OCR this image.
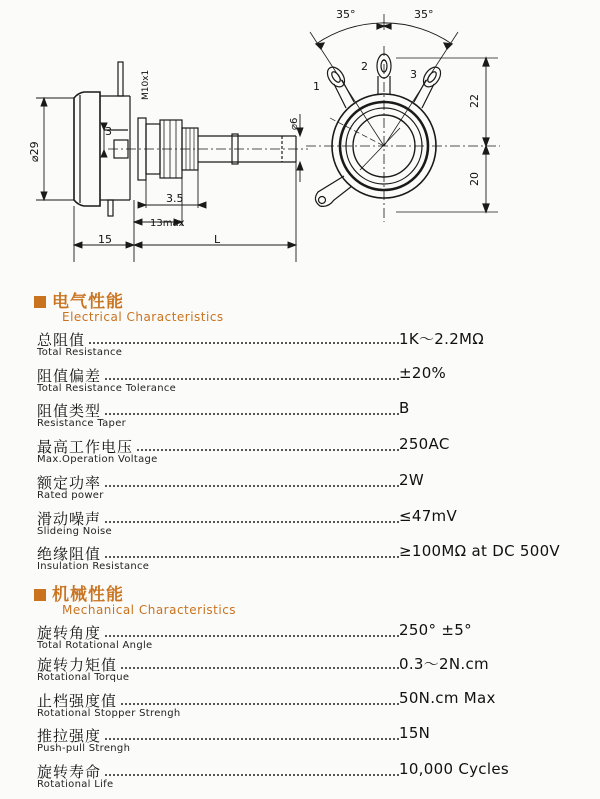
35°	35°
1
2
3
22
20
⌀29
⌀6
M10x1
3
3.5
13max
15	L
电气性能
Electrical Characteristics
总阻值
Total Resistance
1K～2.2MΩ
阻值偏差
Total Resistance Tolerance
±20%
阻值类型
Resistance Taper
B
最高工作电压
Max.Operation Voltage
250AC
额定功率
Rated power
2W
滑动噪声
Slideing Noise
≤47mV
绝缘阻值
Insulation Resistance
≥100MΩ at DC 500V
机械性能
Mechanical Characteristics
旋转角度
Total Rotational Angle
250° ±5°
旋转力矩值
Rotational Torque
0.3～2N.cm
止档强度值
Rotational Stopper Strengh
50N.cm Max
推拉强度
Push-pull Strengh
15N
旋转寿命
Rotational Life
10,000 Cycles
